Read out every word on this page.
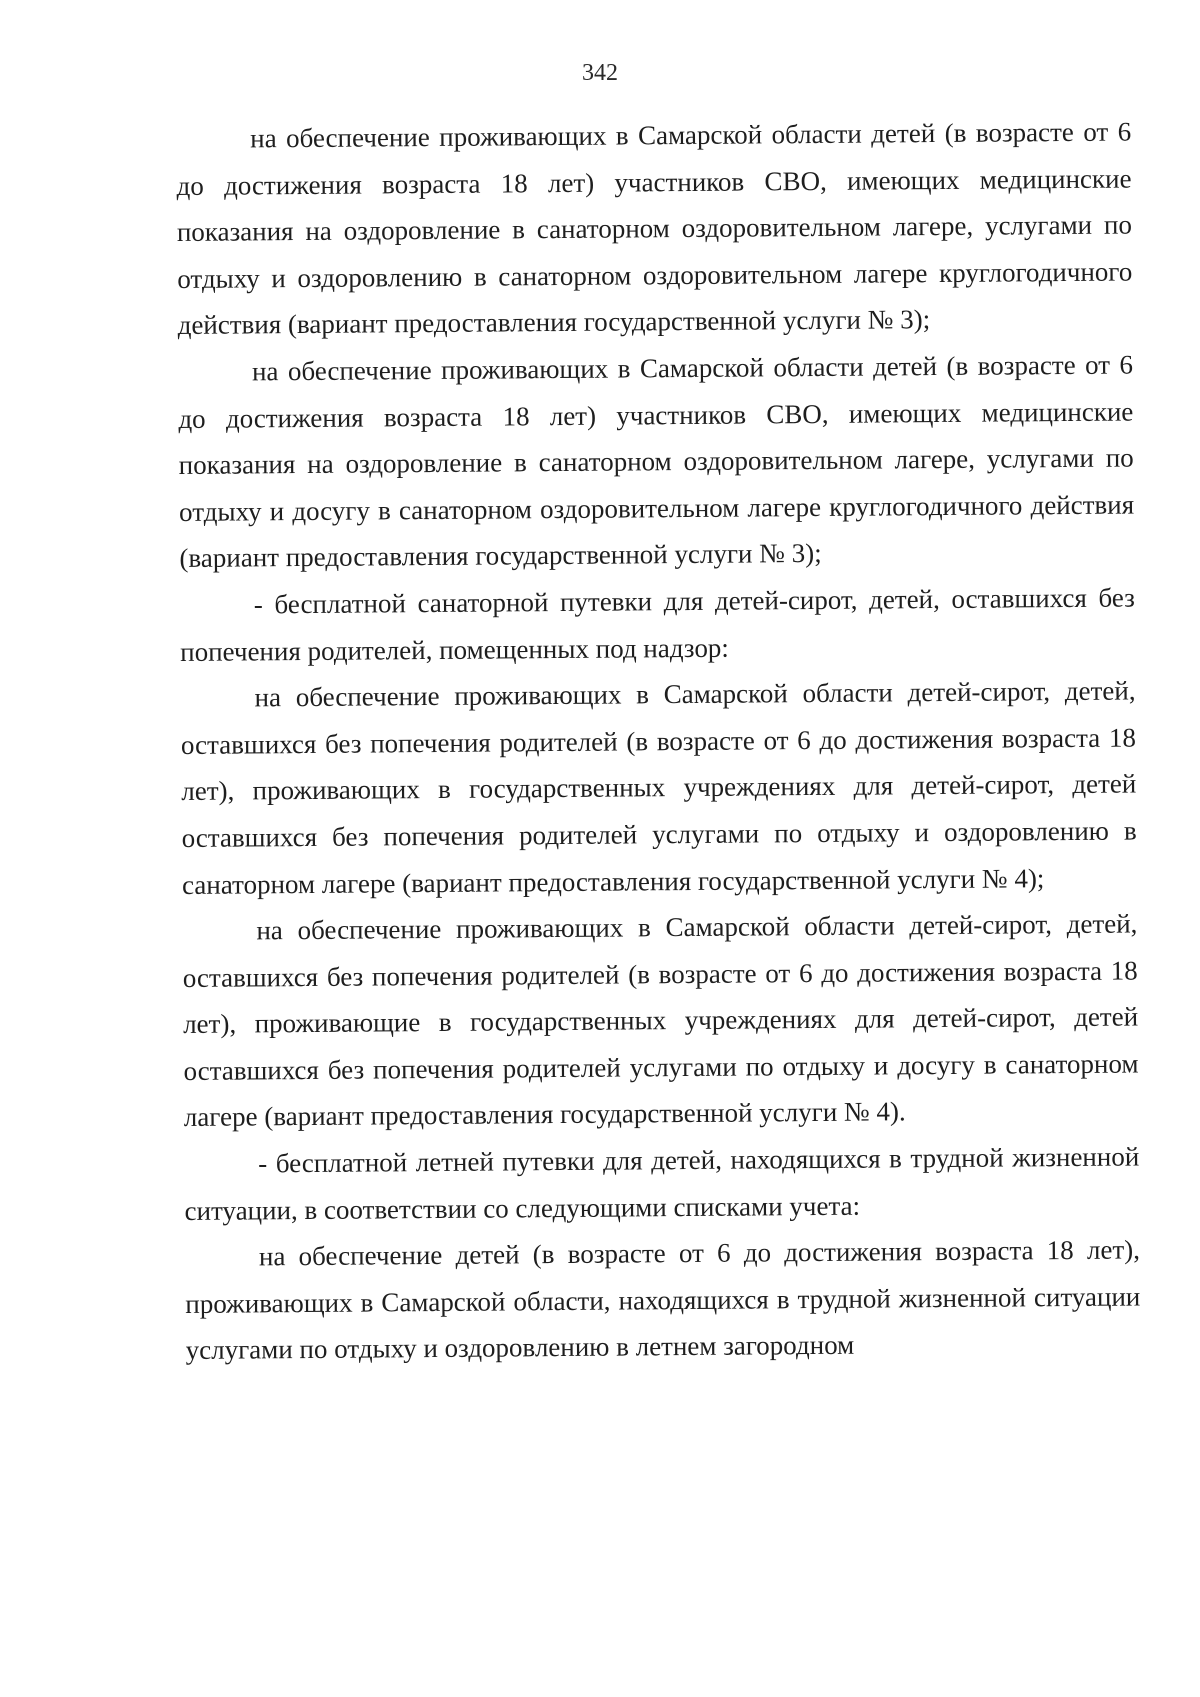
342

на обеспечение проживающих в Самарской области детей (в возрасте от 6 до достижения возраста 18 лет) участников СВО, имеющих медицинские показания на оздоровление в санаторном оздоровительном лагере, услугами по отдыху и оздоровлению в санаторном оздоровительном лагере круглогодичного действия (вариант предоставления государственной услуги № 3);

на обеспечение проживающих в Самарской области детей (в возрасте от 6 до достижения возраста 18 лет) участников СВО, имеющих медицинские показания на оздоровление в санаторном оздоровительном лагере, услугами по отдыху и досугу в санаторном оздоровительном лагере круглогодичного действия (вариант предоставления государственной услуги № 3);

- бесплатной санаторной путевки для детей-сирот, детей, оставшихся без попечения родителей, помещенных под надзор:

на обеспечение проживающих в Самарской области детей-сирот, детей, оставшихся без попечения родителей (в возрасте от 6 до достижения возраста 18 лет), проживающих в государственных учреждениях для детей-сирот, детей оставшихся без попечения родителей услугами по отдыху и оздоровлению в санаторном лагере (вариант предоставления государственной услуги № 4);

на обеспечение проживающих в Самарской области детей-сирот, детей, оставшихся без попечения родителей (в возрасте от 6 до достижения возраста 18 лет), проживающие в государственных учреждениях для детей-сирот, детей оставшихся без попечения родителей услугами по отдыху и досугу в санаторном лагере (вариант предоставления государственной услуги № 4).

- бесплатной летней путевки для детей, находящихся в трудной жизненной ситуации, в соответствии со следующими списками учета:

на обеспечение детей (в возрасте от 6 до достижения возраста 18 лет), проживающих в Самарской области, находящихся в трудной жизненной ситуации услугами по отдыху и оздоровлению в летнем загородном
